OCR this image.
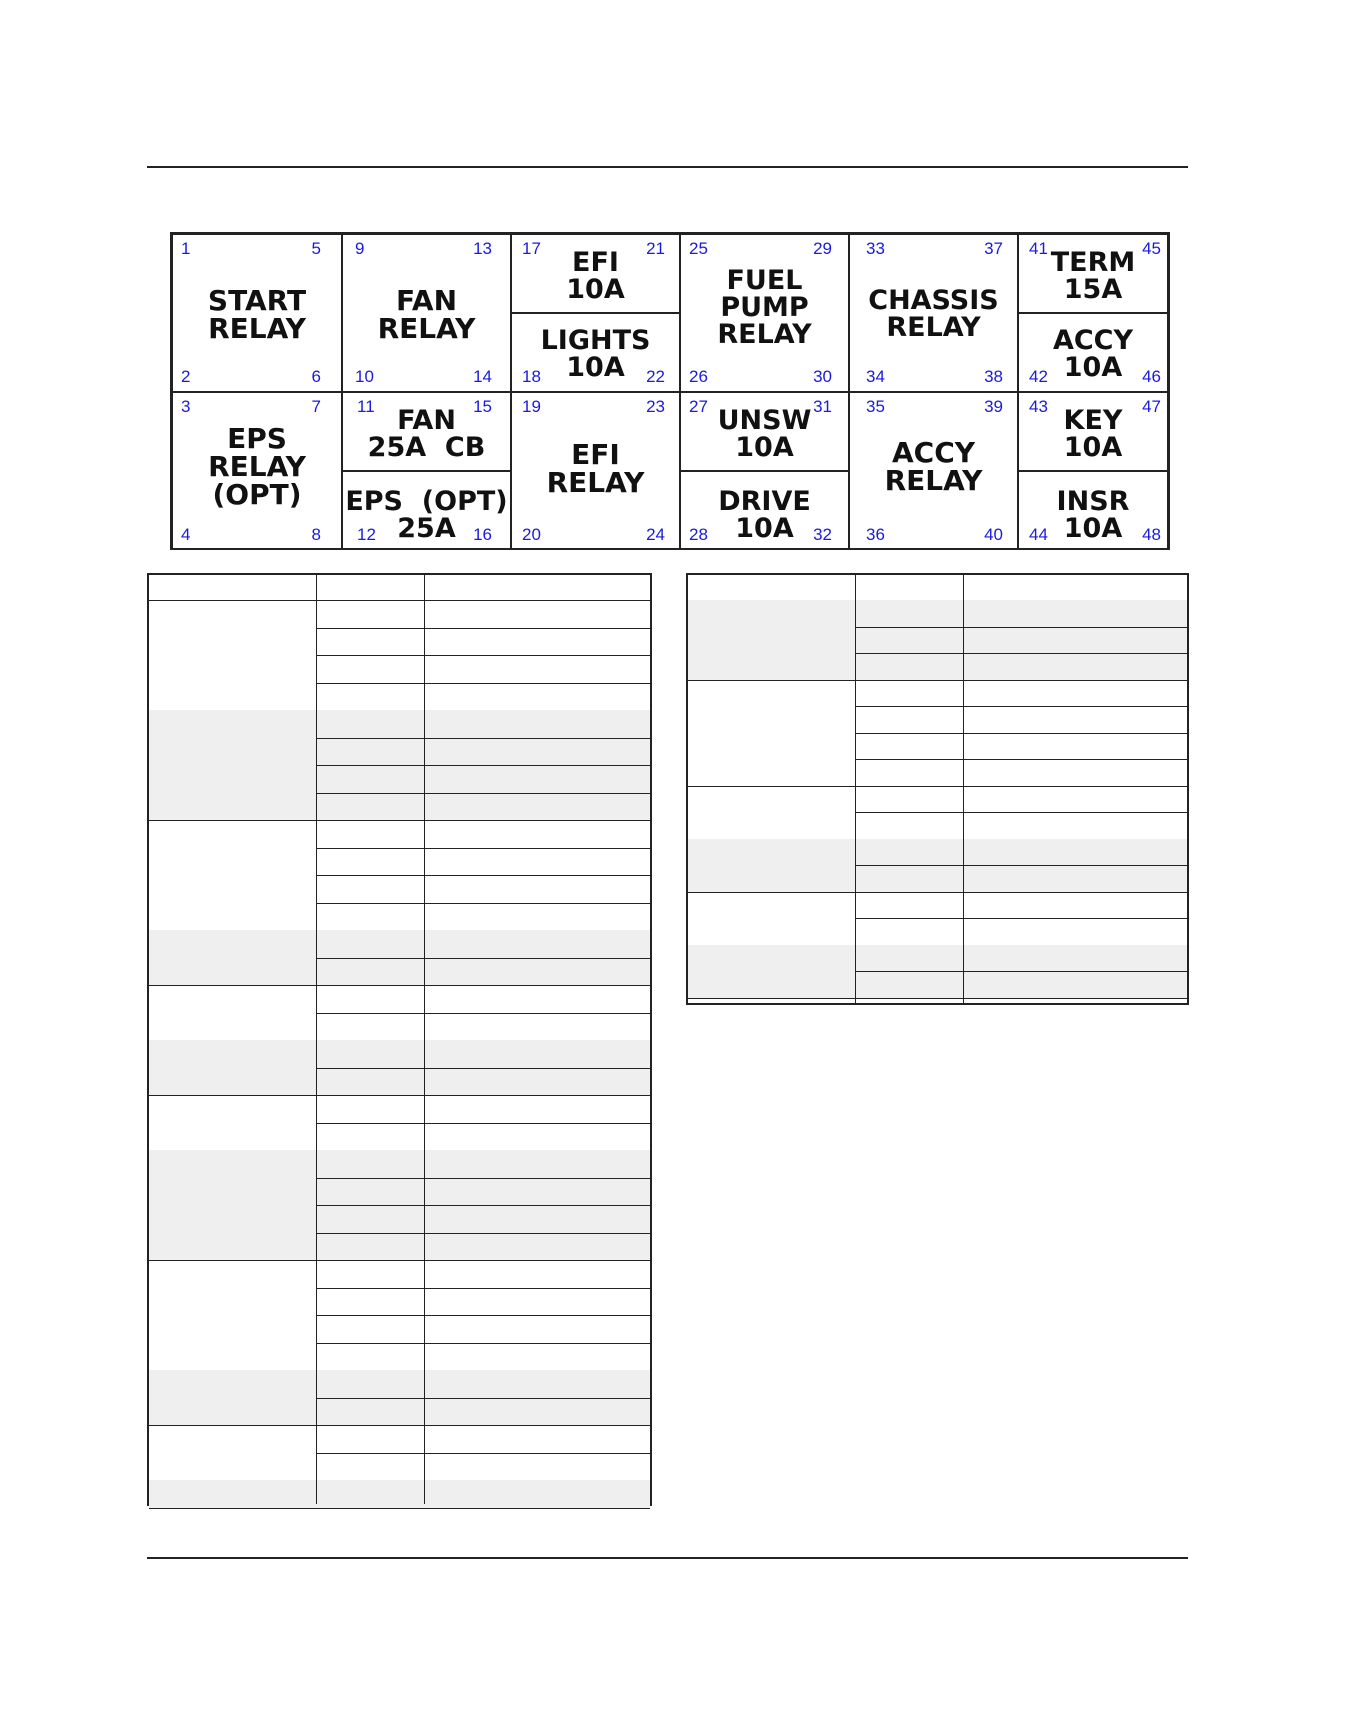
1	5
2	6
START
RELAY
3	7
4	8
EPS
RELAY
(OPT)
9	13
10	14
FAN
RELAY
11	15
FAN
25A  CB
12	16
EPS  (OPT)
25A
17	21
EFI
10A
18	22
LIGHTS
10A
19	23
20	24
EFI
RELAY
25	29
26	30
FUEL
PUMP
RELAY
27	31
UNSW
10A
28	32
DRIVE
10A
33	37
34	38
CHASSIS
RELAY
35	39
36	40
ACCY
RELAY
41	45
TERM
15A
42	46
ACCY
10A
43	47
KEY
10A
44	48
INSR
10A
